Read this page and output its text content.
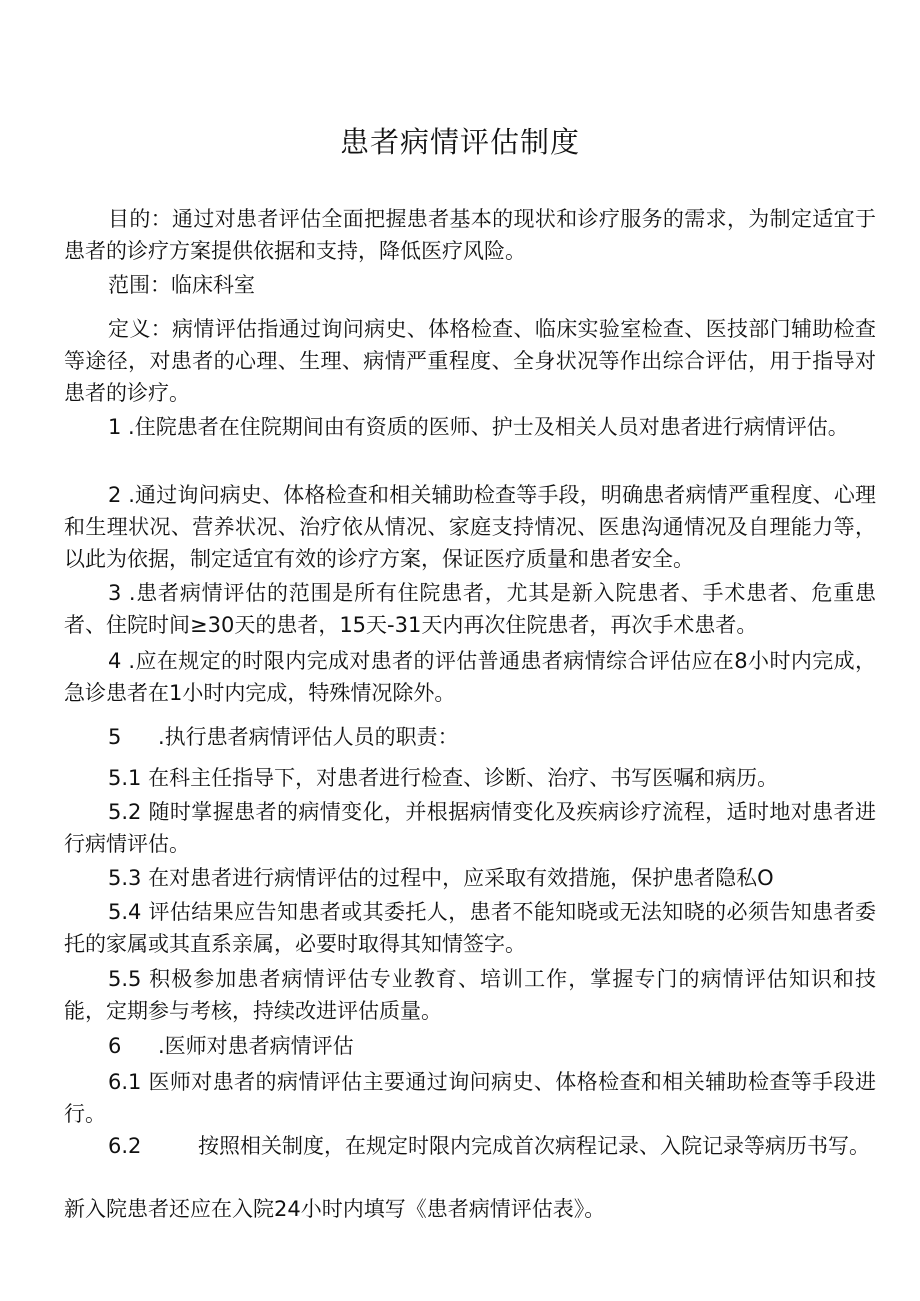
患者病情评估制度
目的：通过对患者评估全面把握患者基本的现状和诊疗服务的需求，为制定适宜于患者的诊疗方案提供依据和支持，降低医疗风险。
范围：临床科室
定义：病情评估指通过询问病史、体格检查、临床实验室检查、医技部门辅助检查等途径，对患者的心理、生理、病情严重程度、全身状况等作出综合评估，用于指导对患者的诊疗。
1 .住院患者在住院期间由有资质的医师、护士及相关人员对患者进行病情评估。
2 .通过询问病史、体格检查和相关辅助检查等手段，明确患者病情严重程度、心理和生理状况、营养状况、治疗依从情况、家庭支持情况、医患沟通情况及自理能力等，以此为依据，制定适宜有效的诊疗方案，保证医疗质量和患者安全。
3 .患者病情评估的范围是所有住院患者，尤其是新入院患者、手术患者、危重患者、住院时间≥30天的患者，15天-31天内再次住院患者，再次手术患者。
4 .应在规定的时限内完成对患者的评估普通患者病情综合评估应在8小时内完成，急诊患者在1小时内完成，特殊情况除外。
5 .执行患者病情评估人员的职责：
5.1 在科主任指导下，对患者进行检查、诊断、治疗、书写医嘱和病历。
5.2 随时掌握患者的病情变化，并根据病情变化及疾病诊疗流程，适时地对患者进行病情评估。
5.3 在对患者进行病情评估的过程中，应采取有效措施，保护患者隐私O
5.4 评估结果应告知患者或其委托人，患者不能知晓或无法知晓的必须告知患者委托的家属或其直系亲属，必要时取得其知情签字。
5.5 积极参加患者病情评估专业教育、培训工作，掌握专门的病情评估知识和技能，定期参与考核，持续改进评估质量。
6 .医师对患者病情评估
6.1 医师对患者的病情评估主要通过询问病史、体格检查和相关辅助检查等手段进行。
6.2	按照相关制度，在规定时限内完成首次病程记录、入院记录等病历书写。
新入院患者还应在入院24小时内填写《患者病情评估表》。
